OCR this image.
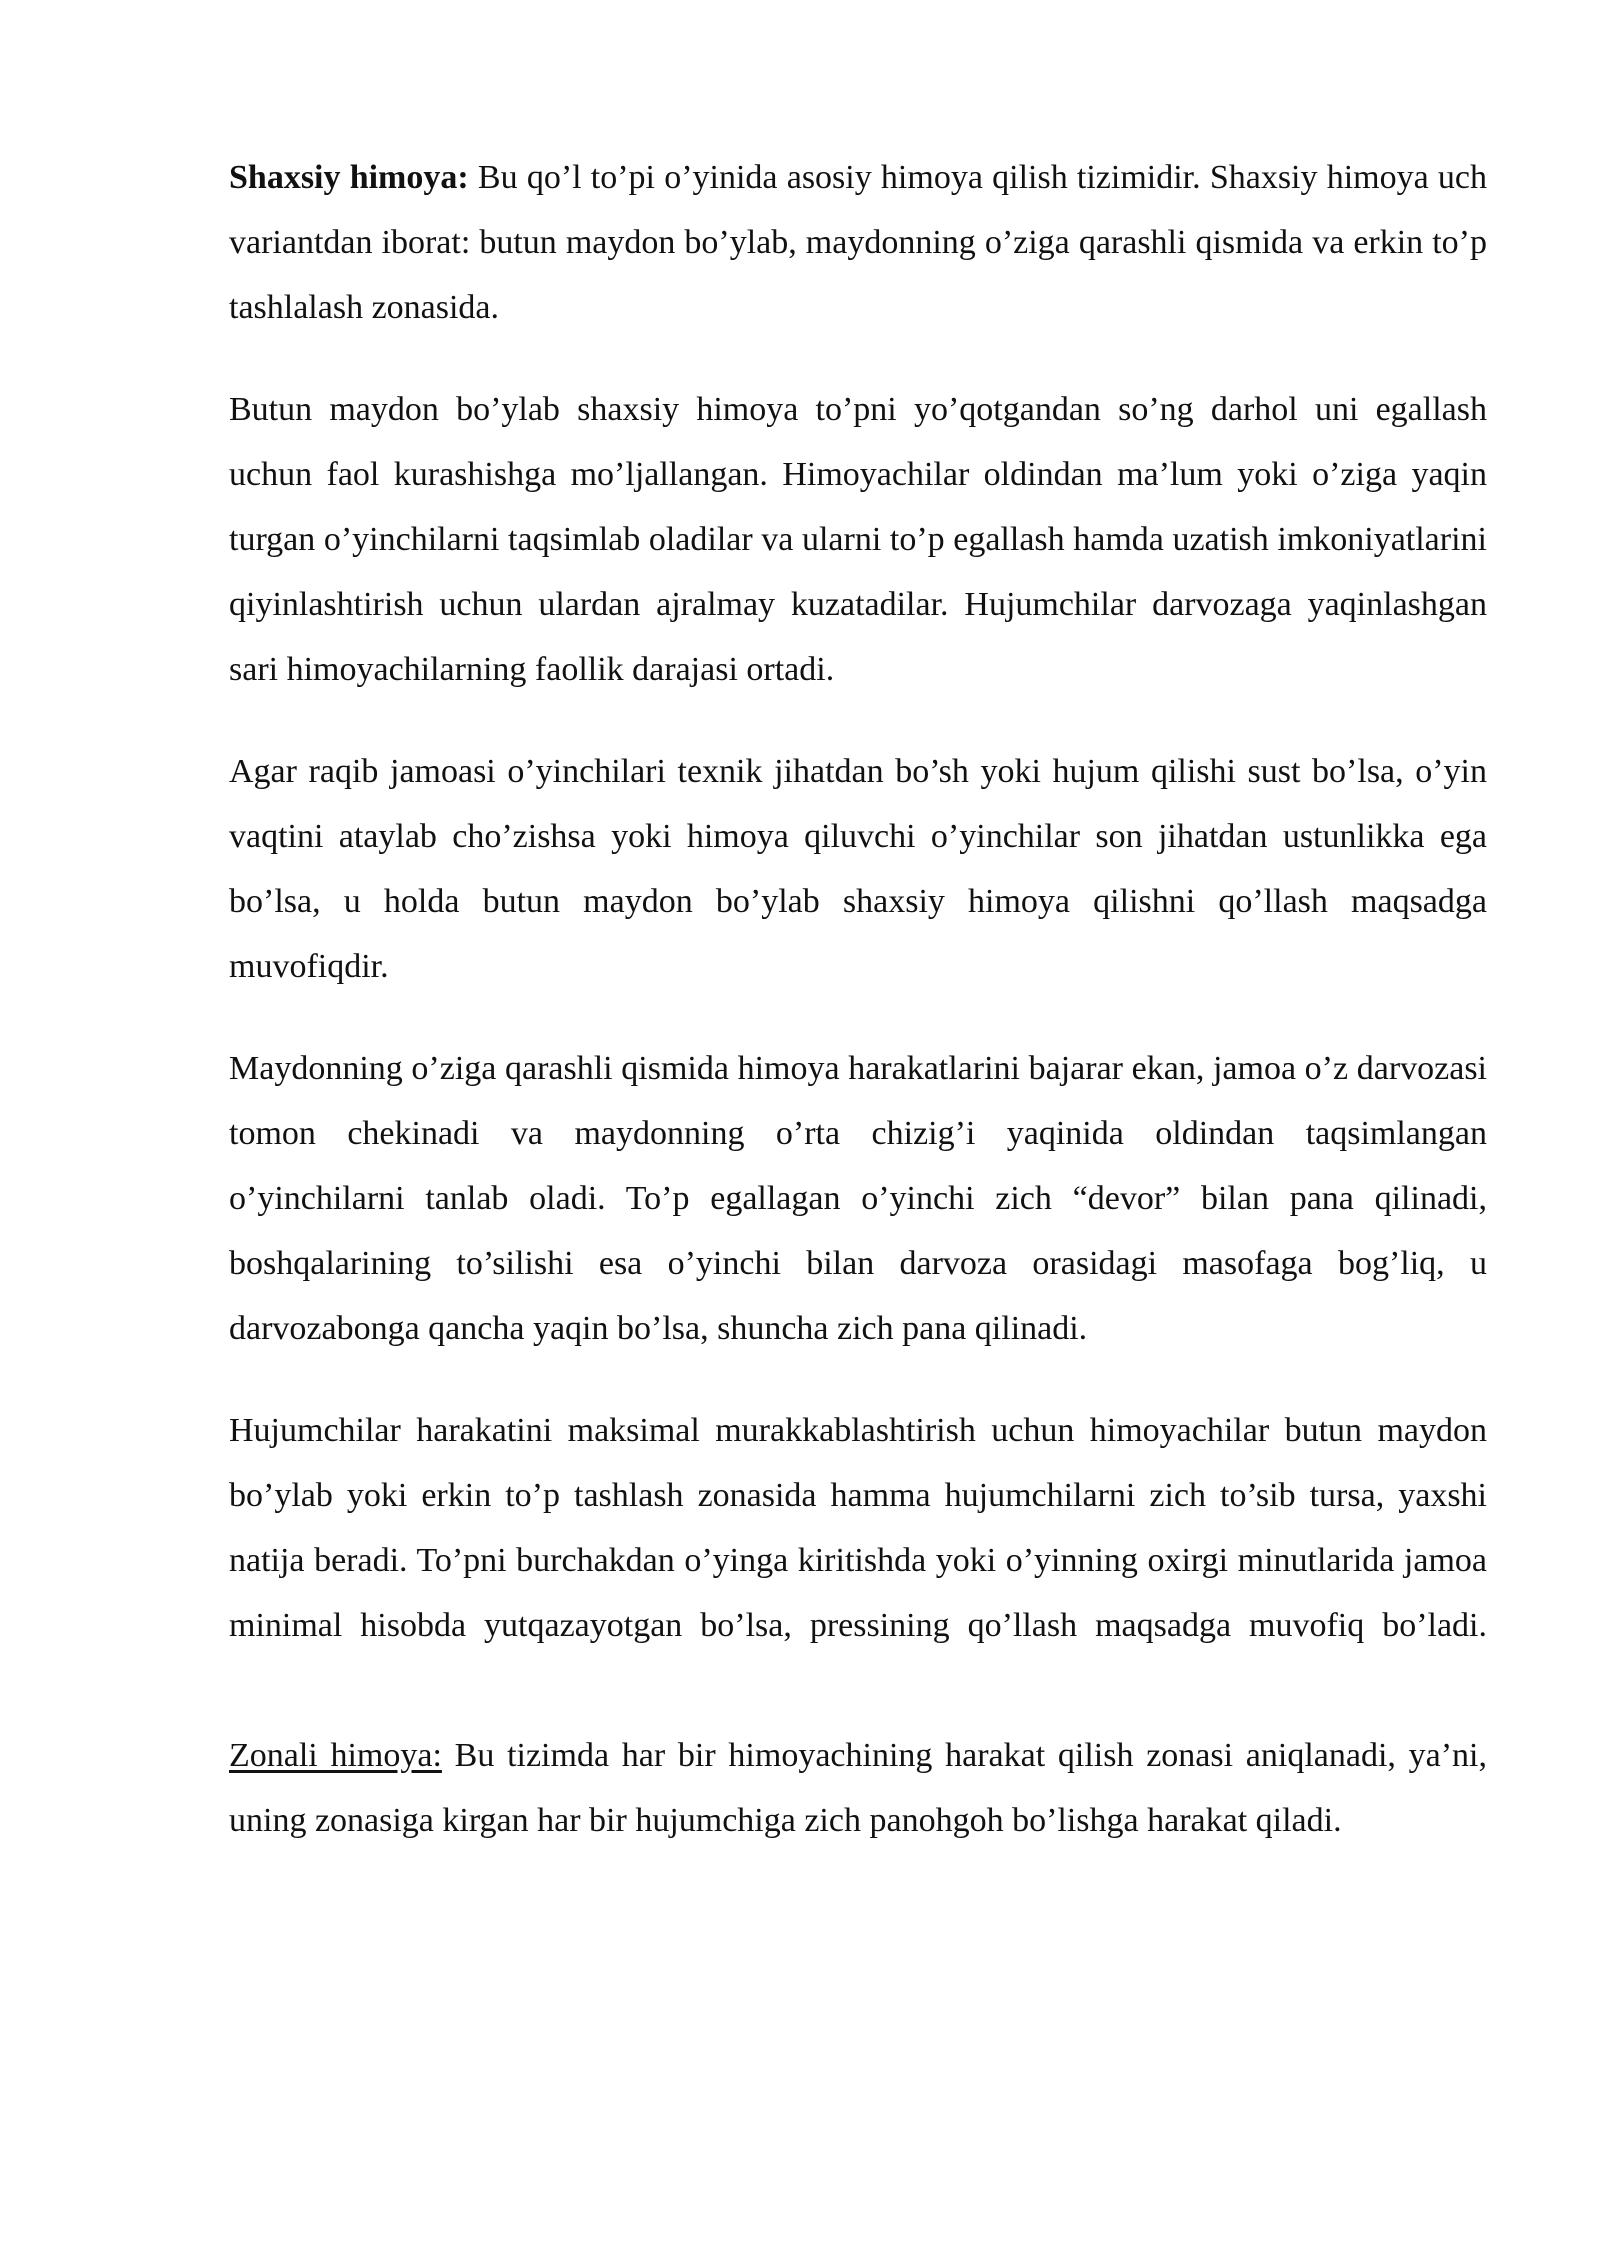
Shaxsiy himoya: Bu qo’l to’pi o’yinida asosiy himoya qilish tizimidir. Shaxsiy himoya uch variantdan iborat: butun maydon bo’ylab, maydonning o’ziga qarashli qismida va erkin to’p tashlalash zonasida.

Butun maydon bo’ylab shaxsiy himoya to’pni yo’qotgandan so’ng darhol uni egallash uchun faol kurashishga mo’ljallangan. Himoyachilar oldindan ma’lum yoki o’ziga yaqin turgan o’yinchilarni taqsimlab oladilar va ularni to’p egallash hamda uzatish imkoniyatlarini qiyinlashtirish uchun ulardan ajralmay kuzatadilar. Hujumchilar darvozaga yaqinlashgan sari himoyachilarning faollik darajasi ortadi.

Agar raqib jamoasi o’yinchilari texnik jihatdan bo’sh yoki hujum qilishi sust bo’lsa, o’yin vaqtini ataylab cho’zishsa yoki himoya qiluvchi o’yinchilar son jihatdan ustunlikka ega bo’lsa, u holda butun maydon bo’ylab shaxsiy himoya qilishni qo’llash maqsadga muvofiqdir.

Maydonning o’ziga qarashli qismida himoya harakatlarini bajarar ekan, jamoa o’z darvozasi tomon chekinadi va maydonning o’rta chizig’i yaqinida oldindan taqsimlangan o’yinchilarni tanlab oladi. To’p egallagan o’yinchi zich “devor” bilan pana qilinadi, boshqalarining to’silishi esa o’yinchi bilan darvoza orasidagi masofaga bog’liq, u darvozabonga qancha yaqin bo’lsa, shuncha zich pana qilinadi.

Hujumchilar harakatini maksimal murakkablashtirish uchun himoyachilar butun maydon bo’ylab yoki erkin to’p tashlash zonasida hamma hujumchilarni zich to’sib tursa, yaxshi natija beradi. To’pni burchakdan o’yinga kiritishda yoki o’yinning oxirgi minutlarida jamoa minimal hisobda yutqazayotgan bo’lsa, pressining qo’llash maqsadga muvofiq bo’ladi.

Zonali himoya: Bu tizimda har bir himoyachining harakat qilish zonasi aniqlanadi, ya’ni, uning zonasiga kirgan har bir hujumchiga zich panohgoh bo’lishga harakat qiladi.
